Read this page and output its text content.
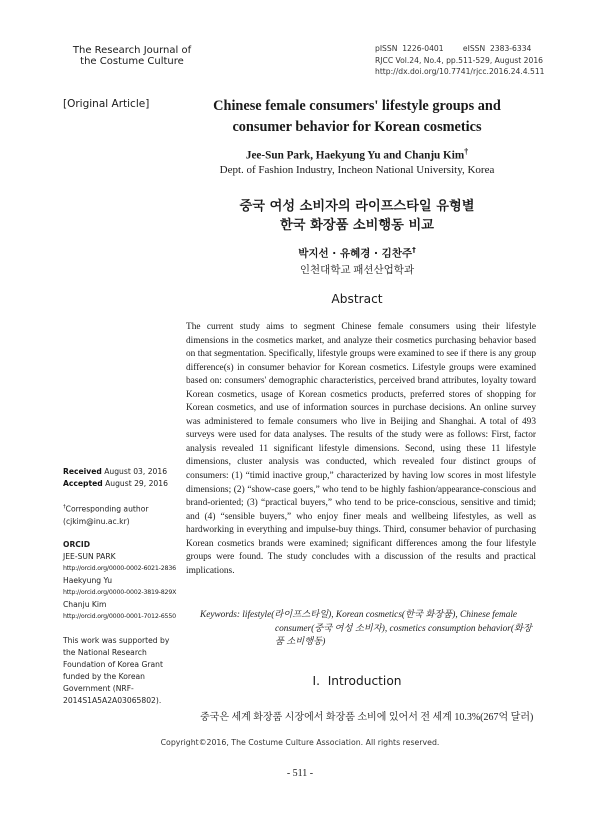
The Research Journal of
the Costume Culture
pISSN  1226-0401        eISSN  2383-6334
RJCC Vol.24, No.4, pp.511-529, August 2016
http://dx.doi.org/10.7741/rjcc.2016.24.4.511
[Original Article]	Chinese female consumers' lifestyle groups and
consumer behavior for Korean cosmetics
Jee-Sun Park, Haekyung Yu and Chanju Kim†
Dept. of Fashion Industry, Incheon National University, Korea
중국 여성 소비자의 라이프스타일 유형별
한국 화장품 소비행동 비교
박지선 · 유혜경 · 김찬주†
인천대학교 패션산업학과
Abstract
The current study aims to segment Chinese female consumers using their lifestyle dimensions in the cosmetics market, and analyze their cosmetics purchasing behavior based on that segmentation. Specifically, lifestyle groups were examined to see if there is any group difference(s) in consumer behavior for Korean cosmetics. Lifestyle groups were examined based on: consumers' demographic characteristics, perceived brand attributes, loyalty toward Korean cosmetics, usage of Korean cosmetics products, preferred stores of shopping for Korean cosmetics, and use of information sources in purchase decisions. An online survey was administered to female consumers who live in Beijing and Shanghai. A total of 493 surveys were used for data analyses. The results of the study were as follows: First, factor analysis revealed 11 significant lifestyle dimensions. Second, using these 11 lifestyle dimensions, cluster analysis was conducted, which revealed four distinct groups of consumers: (1) “timid inactive group,” characterized by having low scores in most lifestyle dimensions; (2) “show-case goers,” who tend to be highly fashion/appearance-conscious and brand-oriented; (3) “practical buyers,” who tend to be price-conscious, sensitive and timid; and (4) “sensible buyers,” who enjoy finer meals and wellbeing lifestyles, as well as hardworking in everything and impulse-buy things. Third, consumer behavior of purchasing Korean cosmetics brands were examined; significant differences among the four lifestyle groups were found. The study concludes with a discussion of the results and practical implications.
Keywords: lifestyle(라이프스타일), Korean cosmetics(한국 화장품), Chinese female consumer(중국 여성 소비자), cosmetics consumption behavior(화장품 소비행동)
Received August 03, 2016
Accepted August 29, 2016
†Corresponding author
(cjkim@inu.ac.kr)
ORCID
JEE-SUN PARK
http://orcid.org/0000-0002-6021-2836
Haekyung Yu
http://orcid.org/0000-0002-3819-829X
Chanju Kim
http://orcid.org/0000-0001-7012-6550
This work was supported by the National Research Foundation of Korea Grant funded by the Korean Government (NRF-2014S1A5A2A03065802).
I.  Introduction
중국은 세계 화장품 시장에서 화장품 소비에 있어서 전 세계 10.3%(267억 달러)
Copyright©2016, The Costume Culture Association. All rights reserved.
- 511 -
